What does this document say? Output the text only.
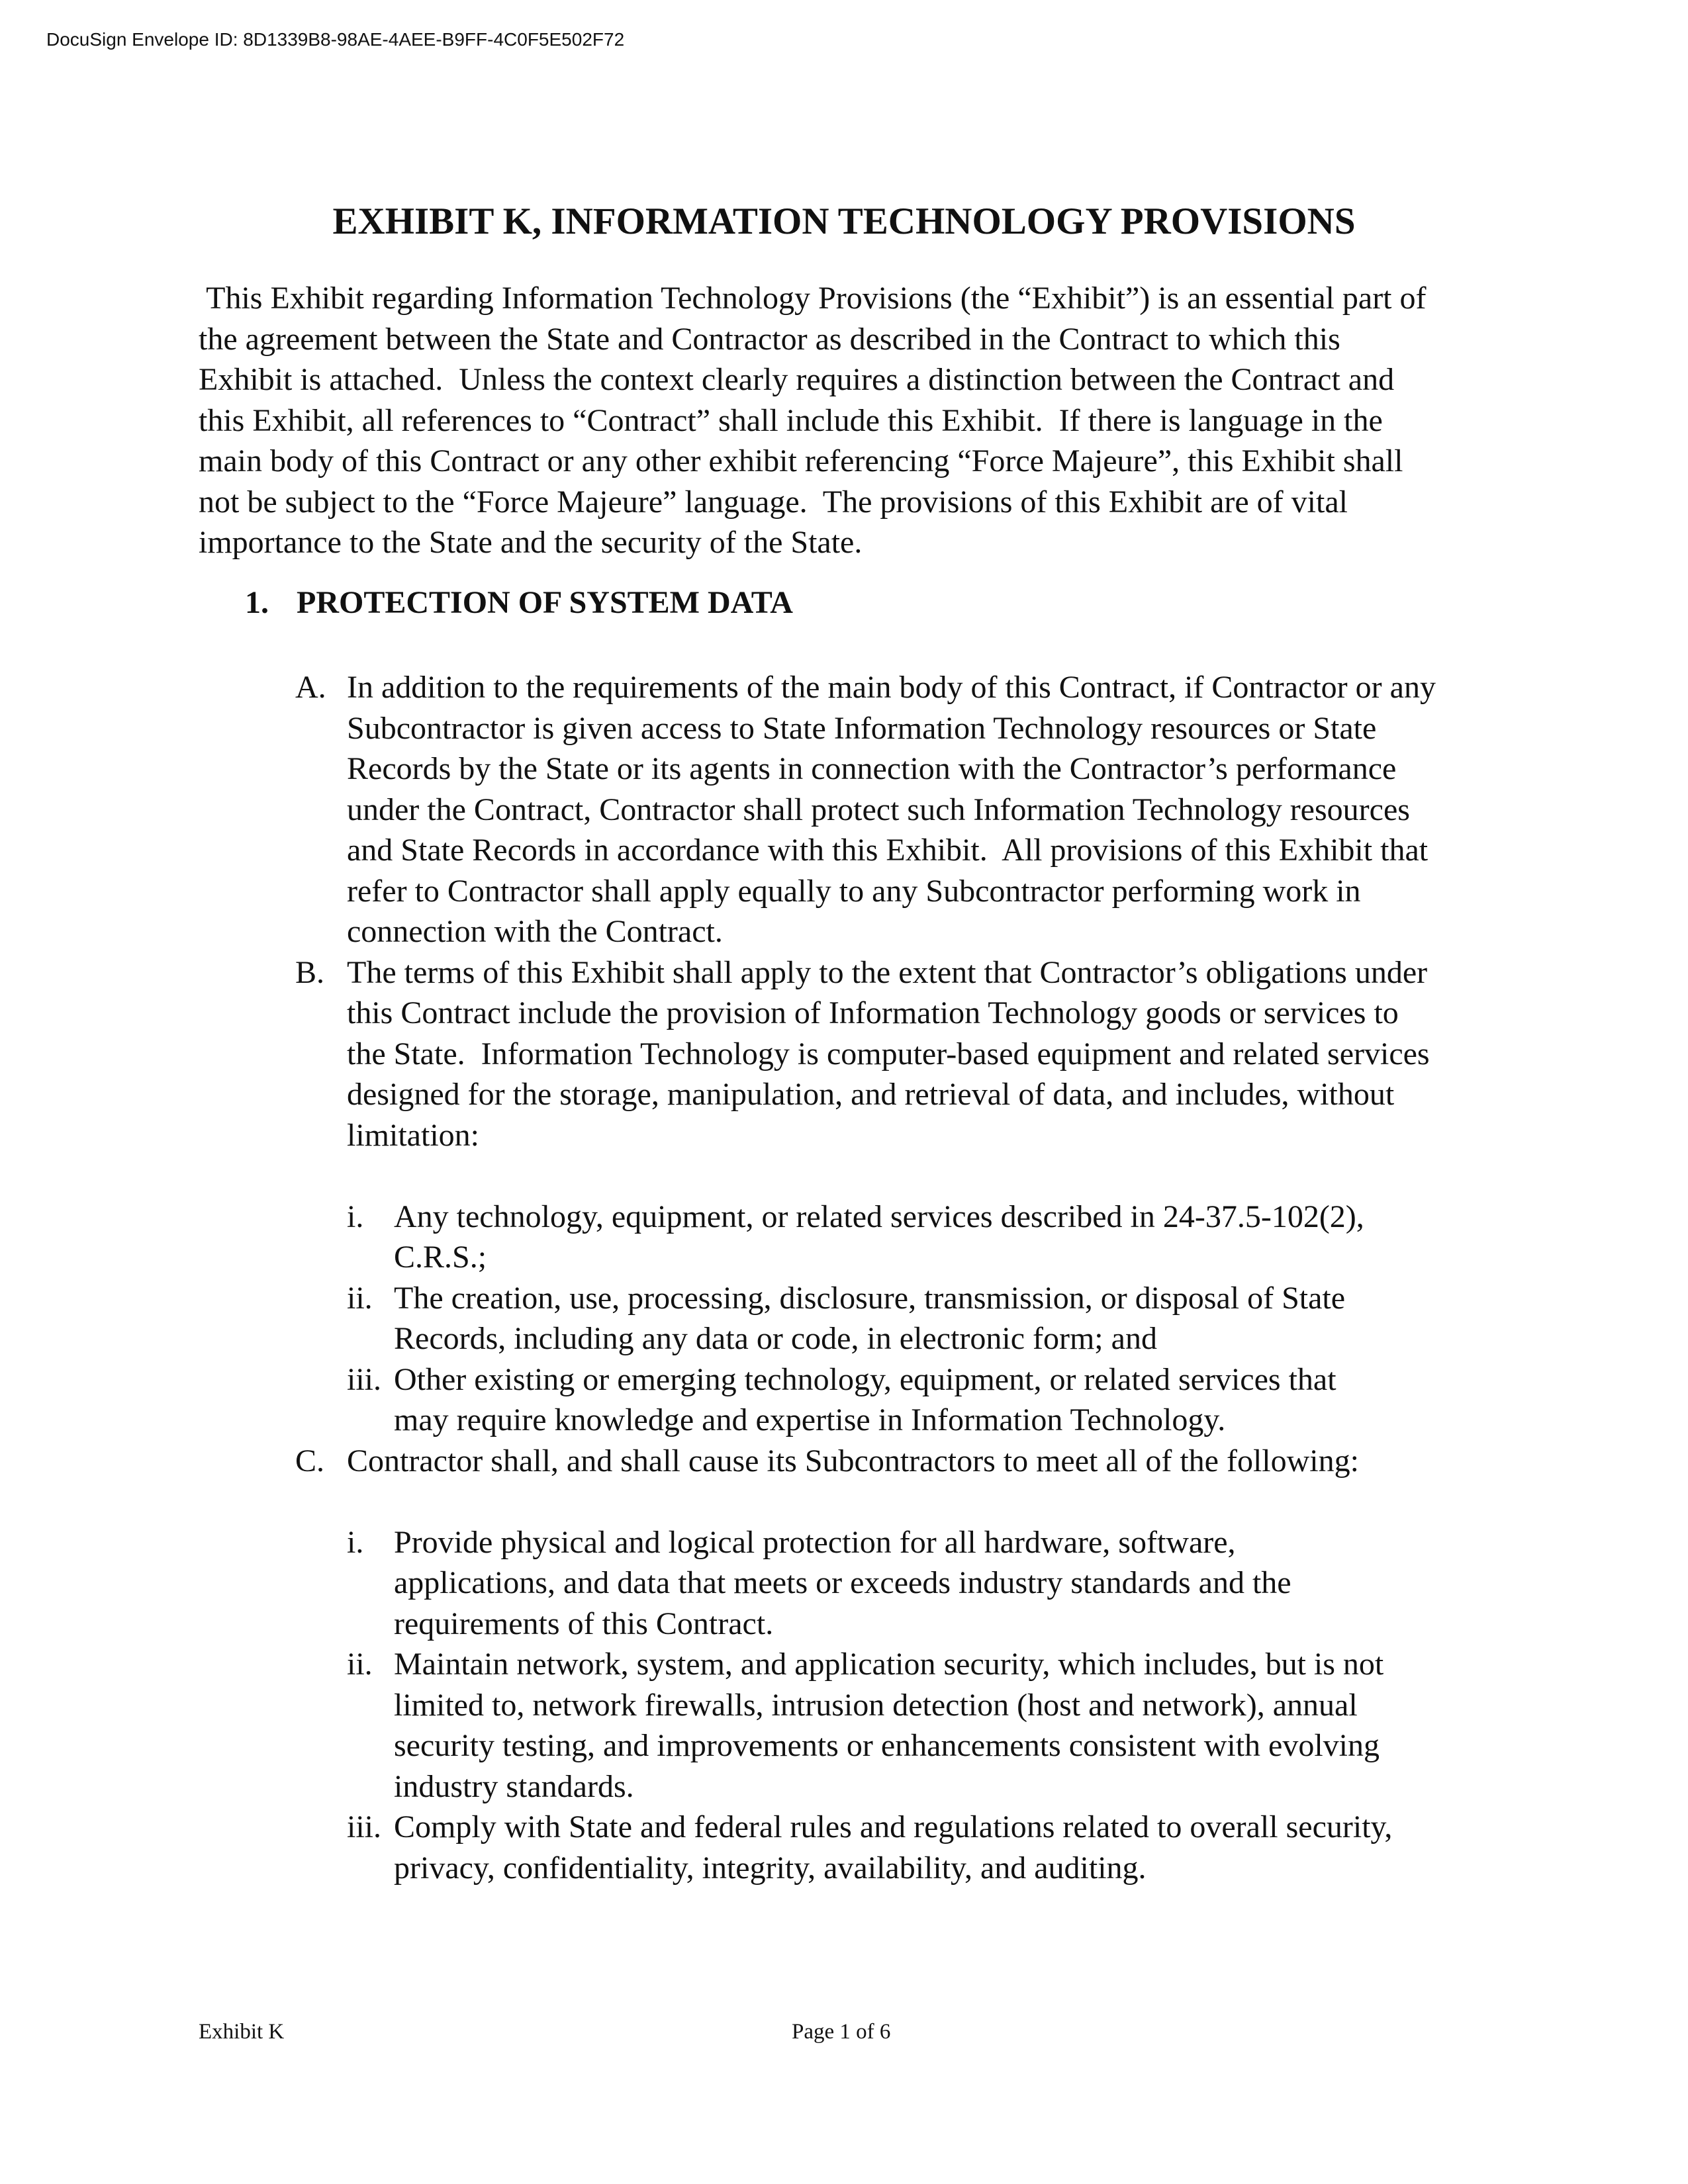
DocuSign Envelope ID: 8D1339B8-98AE-4AEE-B9FF-4C0F5E502F72
EXHIBIT K, INFORMATION TECHNOLOGY PROVISIONS

This Exhibit regarding Information Technology Provisions (the “Exhibit”) is an essential part of
the agreement between the State and Contractor as described in the Contract to which this
Exhibit is attached.  Unless the context clearly requires a distinction between the Contract and
this Exhibit, all references to “Contract” shall include this Exhibit.  If there is language in the
main body of this Contract or any other exhibit referencing “Force Majeure”, this Exhibit shall
not be subject to the “Force Majeure” language.  The provisions of this Exhibit are of vital
importance to the State and the security of the State.

1. PROTECTION OF SYSTEM DATA
A. In addition to the requirements of the main body of this Contract, if Contractor or any
Subcontractor is given access to State Information Technology resources or State
Records by the State or its agents in connection with the Contractor’s performance
under the Contract, Contractor shall protect such Information Technology resources
and State Records in accordance with this Exhibit.  All provisions of this Exhibit that
refer to Contractor shall apply equally to any Subcontractor performing work in
connection with the Contract.
B. The terms of this Exhibit shall apply to the extent that Contractor’s obligations under
this Contract include the provision of Information Technology goods or services to
the State.  Information Technology is computer-based equipment and related services
designed for the storage, manipulation, and retrieval of data, and includes, without
limitation:
i. Any technology, equipment, or related services described in 24-37.5-102(2),
C.R.S.;
ii. The creation, use, processing, disclosure, transmission, or disposal of State
Records, including any data or code, in electronic form; and
iii. Other existing or emerging technology, equipment, or related services that
may require knowledge and expertise in Information Technology.
C. Contractor shall, and shall cause its Subcontractors to meet all of the following:
i. Provide physical and logical protection for all hardware, software,
applications, and data that meets or exceeds industry standards and the
requirements of this Contract.
ii. Maintain network, system, and application security, which includes, but is not
limited to, network firewalls, intrusion detection (host and network), annual
security testing, and improvements or enhancements consistent with evolving
industry standards.
iii. Comply with State and federal rules and regulations related to overall security,
privacy, confidentiality, integrity, availability, and auditing.
Exhibit K	Page 1 of 6
